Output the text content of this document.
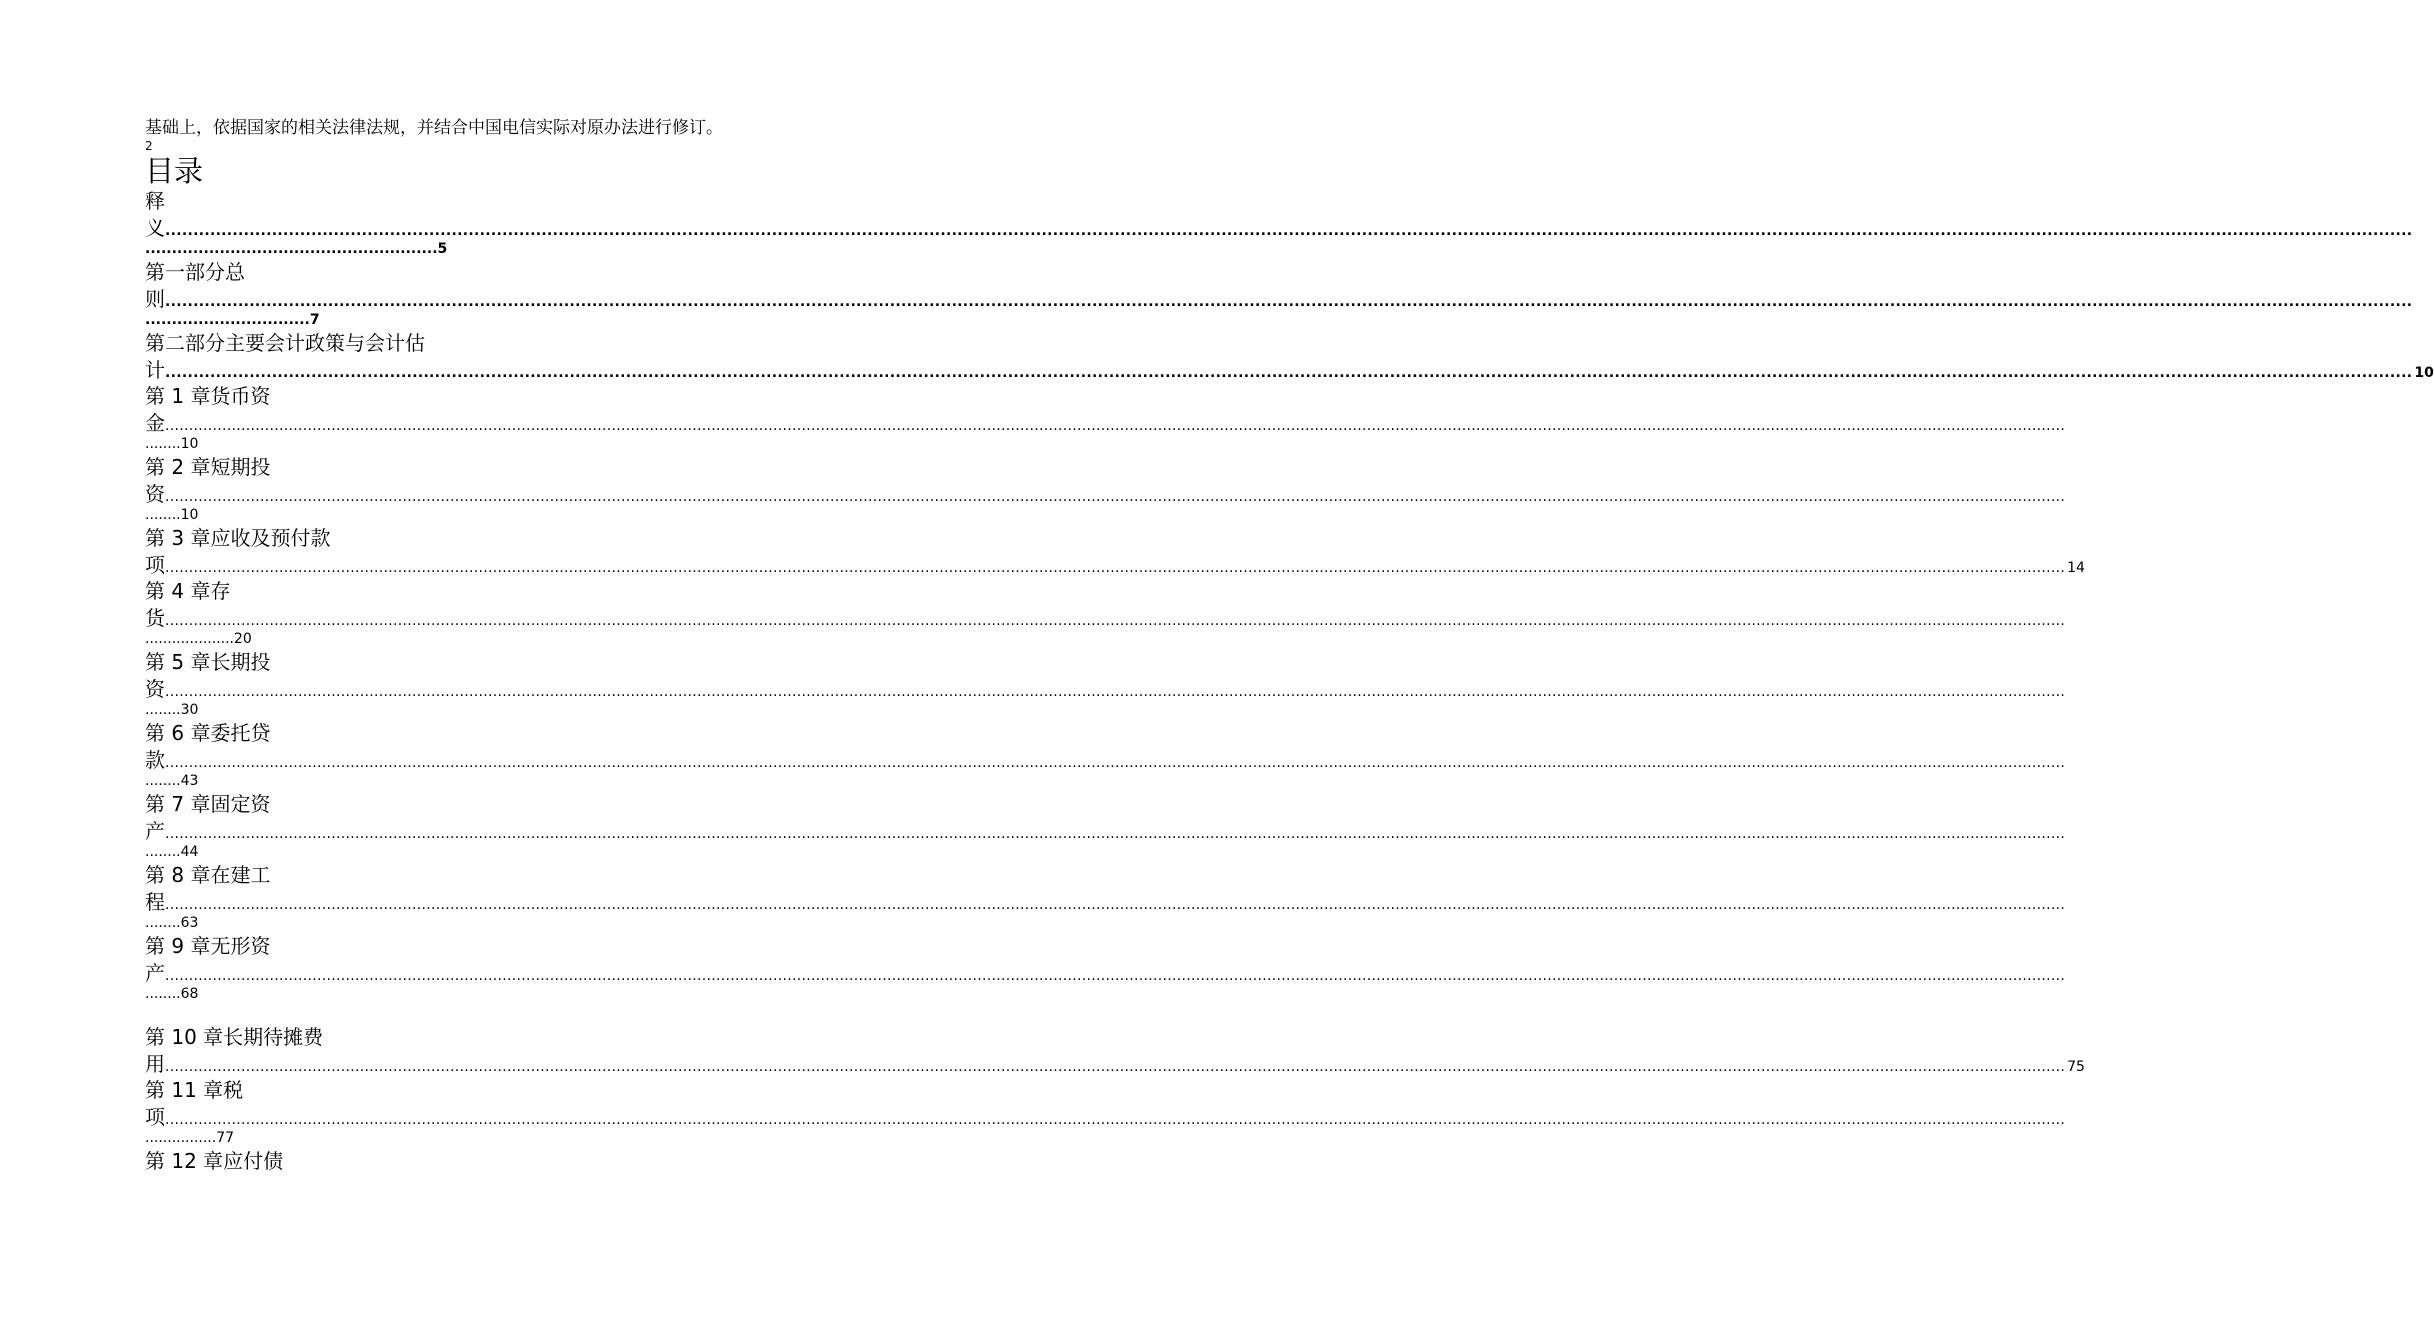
基础上，依据国家的相关法律法规，并结合中国电信实际对原办法进行修订。
2
目录
释
义 ................................................................................................................................................................................................................................................................................................................................................................................................................
.......................................................5
第一部分总
则 ................................................................................................................................................................................................................................................................................................................................................................................................................
...............................7
第二部分主要会计政策与会计估
计 ................................................................................................................................................................................................................................................................................................................................................................................................................ 10
第 1 章货币资
金 ................................................................................................................................................................................................................................................................................................................................................................................................................
........10
第 2 章短期投
资 ................................................................................................................................................................................................................................................................................................................................................................................................................
........10
第 3 章应收及预付款
项 ................................................................................................................................................................................................................................................................................................................................................................................................................ 14
第 4 章存
货 ................................................................................................................................................................................................................................................................................................................................................................................................................
....................20
第 5 章长期投
资 ................................................................................................................................................................................................................................................................................................................................................................................................................
........30
第 6 章委托贷
款 ................................................................................................................................................................................................................................................................................................................................................................................................................
........43
第 7 章固定资
产 ................................................................................................................................................................................................................................................................................................................................................................................................................
........44
第 8 章在建工
程 ................................................................................................................................................................................................................................................................................................................................................................................................................
........63
第 9 章无形资
产 ................................................................................................................................................................................................................................................................................................................................................................................................................
........68
第 10 章长期待摊费
用 ................................................................................................................................................................................................................................................................................................................................................................................................................ 75
第 11 章税
项 ................................................................................................................................................................................................................................................................................................................................................................................................................
................77
第 12 章应付债
